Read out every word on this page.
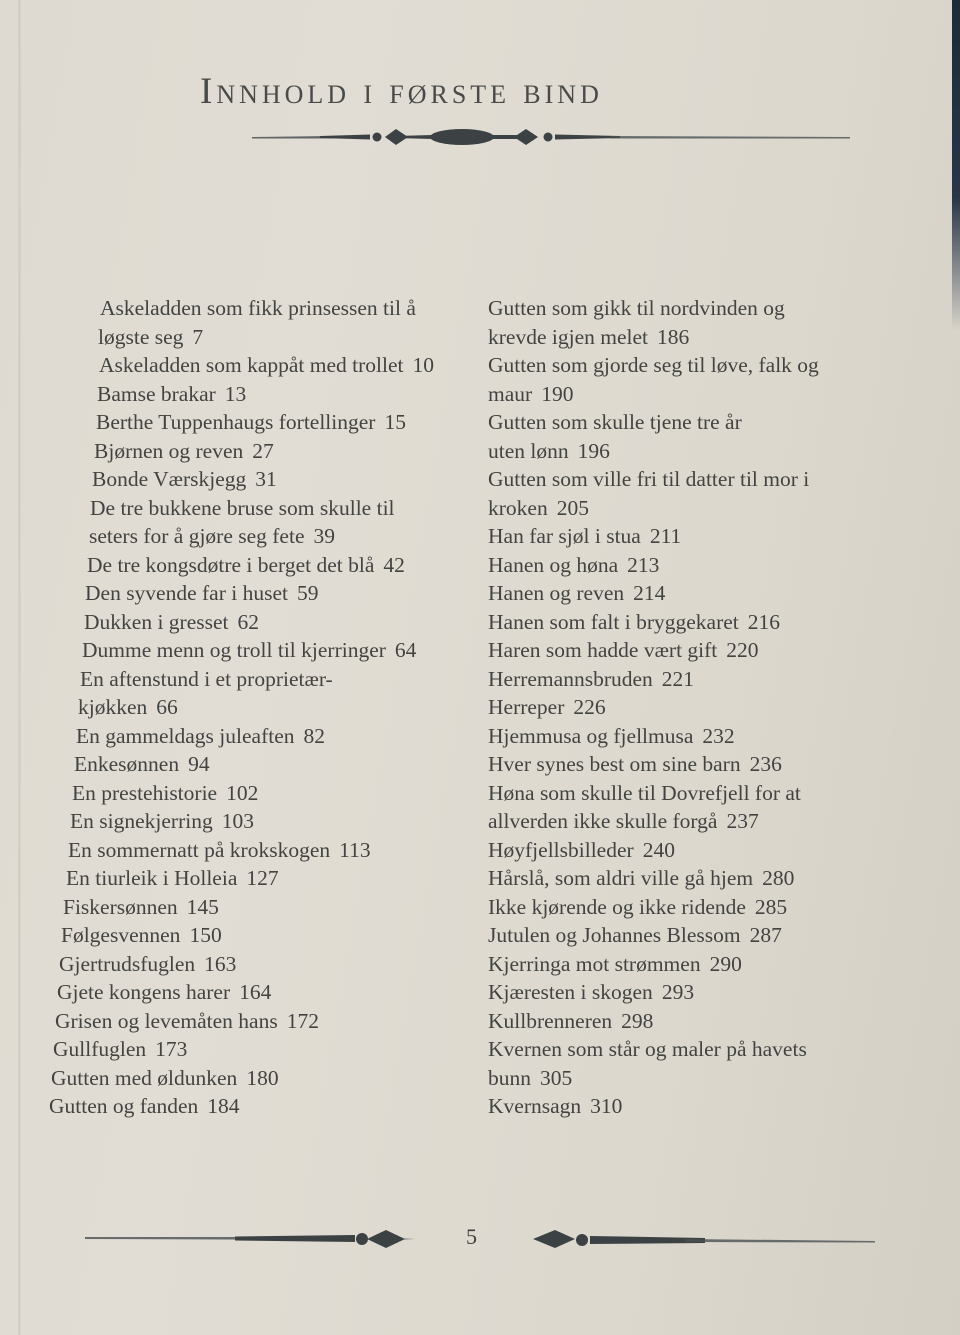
Innhold i første bind
Askeladden som fikk prinsessen til å
løgste seg 7
Askeladden som kappåt med trollet 10
Bamse brakar 13
Berthe Tuppenhaugs fortellinger 15
Bjørnen og reven 27
Bonde Værskjegg 31
De tre bukkene bruse som skulle til
seters for å gjøre seg fete 39
De tre kongsdøtre i berget det blå 42
Den syvende far i huset 59
Dukken i gresset 62
Dumme menn og troll til kjerringer 64
En aftenstund i et proprietær-
kjøkken 66
En gammeldags juleaften 82
Enkesønnen 94
En prestehistorie 102
En signekjerring 103
En sommernatt på krokskogen 113
En tiurleik i Holleia 127
Fiskersønnen 145
Følgesvennen 150
Gjertrudsfuglen 163
Gjete kongens harer 164
Grisen og levemåten hans 172
Gullfuglen 173
Gutten med øldunken 180
Gutten og fanden 184
Gutten som gikk til nordvinden og
krevde igjen melet 186
Gutten som gjorde seg til løve, falk og
maur 190
Gutten som skulle tjene tre år
uten lønn 196
Gutten som ville fri til datter til mor i
kroken 205
Han far sjøl i stua 211
Hanen og høna 213
Hanen og reven 214
Hanen som falt i bryggekaret 216
Haren som hadde vært gift 220
Herremannsbruden 221
Herreper 226
Hjemmusa og fjellmusa 232
Hver synes best om sine barn 236
Høna som skulle til Dovrefjell for at
allverden ikke skulle forgå 237
Høyfjellsbilleder 240
Hårslå, som aldri ville gå hjem 280
Ikke kjørende og ikke ridende 285
Jutulen og Johannes Blessom 287
Kjerringa mot strømmen 290
Kjæresten i skogen 293
Kullbrenneren 298
Kvernen som står og maler på havets
bunn 305
Kvernsagn 310
5
